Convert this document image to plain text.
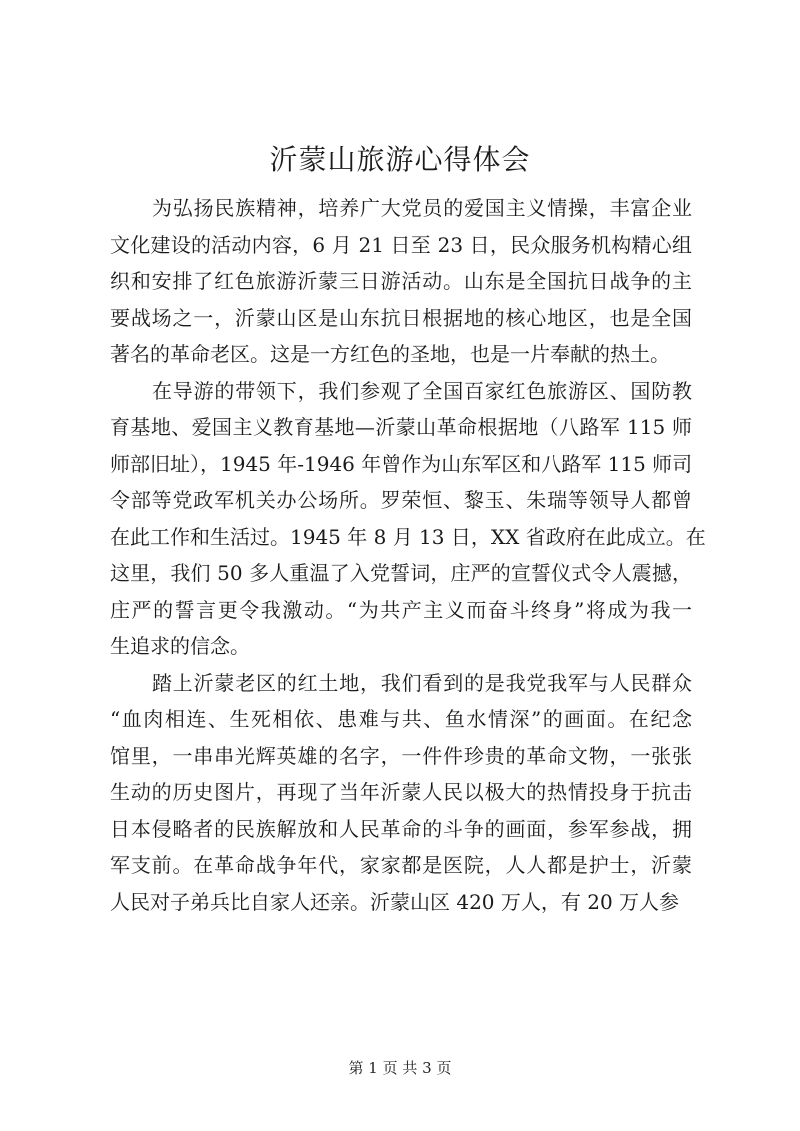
沂蒙山旅游心得体会
为弘扬民族精神，培养广大党员的爱国主义情操，丰富企业
文化建设的活动内容，6 月 21 日至 23 日，民众服务机构精心组
织和安排了红色旅游沂蒙三日游活动。山东是全国抗日战争的主
要战场之一，沂蒙山区是山东抗日根据地的核心地区，也是全国
著名的革命老区。这是一方红色的圣地，也是一片奉献的热土。
在导游的带领下，我们参观了全国百家红色旅游区、国防教
育基地、爱国主义教育基地—沂蒙山革命根据地（八路军 115 师
师部旧址），1945 年-1946 年曾作为山东军区和八路军 115 师司
令部等党政军机关办公场所。罗荣恒、黎玉、朱瑞等领导人都曾
在此工作和生活过。1945 年 8 月 13 日，XX 省政府在此成立。在
这里，我们 50 多人重温了入党誓词，庄严的宣誓仪式令人震撼，
庄严的誓言更令我激动。“为共产主义而奋斗终身”将成为我一
生追求的信念。
踏上沂蒙老区的红土地，我们看到的是我党我军与人民群众
“血肉相连、生死相依、患难与共、鱼水情深”的画面。在纪念
馆里，一串串光辉英雄的名字，一件件珍贵的革命文物，一张张
生动的历史图片，再现了当年沂蒙人民以极大的热情投身于抗击
日本侵略者的民族解放和人民革命的斗争的画面，参军参战，拥
军支前。在革命战争年代，家家都是医院，人人都是护士，沂蒙
人民对子弟兵比自家人还亲。沂蒙山区 420 万人，有 20 万人参
第 1 页 共 3 页
